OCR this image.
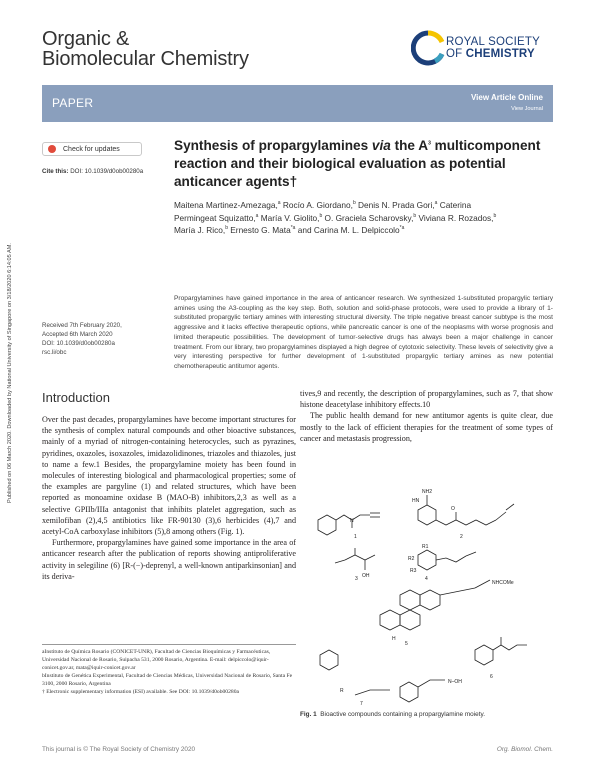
Published on 06 March 2020. Downloaded by National University of Singapore on 3/18/2020 6:14:05 AM.
Organic &
Biomolecular Chemistry
ROYAL SOCIETY
OF CHEMISTRY
PAPER	View Article Online
View Journal
Check for updates
Cite this: DOI: 10.1039/d0ob00280a
Synthesis of propargylamines via the $A^3$ multicomponent reaction and their biological evaluation as potential anticancer agents†
Maitena Martinez-Amezaga,$^a$ Rocío A. Giordano,$^b$ Denis N. Prada Gori,$^a$ Caterina Permingeat Squizatto,$^a$ María V. Giolito,$^b$ O. Graciela Scharovsky,$^b$ Viviana R. Rozados,$^b$ María J. Rico,$^b$ Ernesto G. Mata$^{*a}$ and Carina M. L. Delpiccolo$^{*a}$
Received 7th February 2020,
Accepted 6th March 2020
DOI: 10.1039/d0ob00280a
rsc.li/obc
Propargylamines have gained importance in the area of anticancer research. We synthesized 1-substituted propargylic tertiary amines using the A3-coupling as the key step. Both, solution and solid-phase protocols, were used to provide a library of 1-substituted propargylic tertiary amines with interesting structural diversity. The triple negative breast cancer subtype is the most aggressive and it lacks effective therapeutic options, while pancreatic cancer is one of the neoplasms with worse prognosis and limited therapeutic possibilities. The development of tumor-selective drugs has always been a major challenge in cancer treatment. From our library, two propargylamines displayed a high degree of cytotoxic selectivity. These levels of selectivity give a very interesting perspective for further development of 1-substituted propargylic tertiary amines as new potential chemotherapeutic antitumor agents.
Introduction

Over the past decades, propargylamines have become important structures for the synthesis of complex natural compounds and other bioactive substances, mainly of a myriad of nitrogen-containing heterocycles, such as pyrazines, pyridines, oxazoles, isoxazoles, imidazolidinones, triazoles and thiazoles, just to name a few.1 Besides, the propargylamine moiety has been found in molecules of interesting biological and pharmacological properties; some of the examples are pargyline (1) and related structures, which have been reported as monoamine oxidase B (MAO-B) inhibitors,2,3 as well as a selective GPIIb/IIIa antagonist that inhibits platelet aggregation, such as xemilofiban (2),4,5 antibiotics like FR-90130 (3),6 herbicides (4),7 and acetyl-CoA carboxylase inhibitors (5),8 among others (Fig. 1).

Furthermore, propargylamines have gained some importance in the area of anticancer research after the publication of reports showing antiproliferative activity in selegiline (6) [R-(−)-deprenyl, a well-known antiparkinsonian] and its deriva-

tives,9 and recently, the description of propargylamines, such as 7, that show histone deacetylase inhibitory effects.10

The public health demand for new antitumor agents is quite clear, due mostly to the lack of efficient therapies for the treatment of some types of cancer and metastasis progression,

aInstituto de Química Rosario (CONICET-UNR), Facultad de Ciencias Bioquímicas y Farmacéuticas, Universidad Nacional de Rosario, Suipacha 531, 2000 Rosario, Argentina. E-mail: delpiccolo@iquir-conicet.gov.ar, mata@iquir-conicet.gov.ar
bInstituto de Genética Experimental, Facultad de Ciencias Médicas, Universidad Nacional de Rosario, Santa Fe 3100, 2000 Rosario, Argentina
† Electronic supplementary information (ESI) available. See DOI: 10.1039/d0ob00280a
1	2
3	4
5
6
7
NH2
HN
O
N
OH
H
NHCOMe
R1
R2
R3
R
N–OH
Fig. 1 Bioactive compounds containing a propargylamine moiety.
This journal is © The Royal Society of Chemistry 2020	Org. Biomol. Chem.
